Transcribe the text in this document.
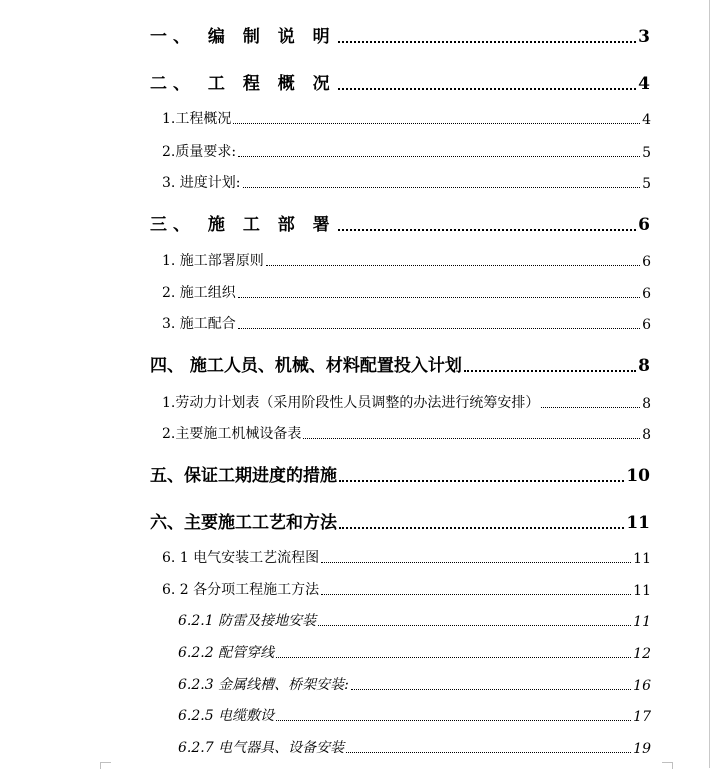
一、 编 制 说 明	3
二、 工 程 概 况	4
1.工程概况	4
2.质量要求:	5
3. 进度计划:	5
三、 施 工 部 署	6
1. 施工部署原则	6
2. 施工组织	6
3. 施工配合	6
四、 施工人员、机械、材料配置投入计划	8
1.劳动力计划表（采用阶段性人员调整的办法进行统筹安排）	8
2.主要施工机械设备表	8
五、保证工期进度的措施	10
六、主要施工工艺和方法	11
6. 1 电气安装工艺流程图	11
6. 2 各分项工程施工方法	11
6.2.1 防雷及接地安装	11
6.2.2 配管穿线	12
6.2.3 金属线槽、桥架安装:	16
6.2.5 电缆敷设	17
6.2.7 电气器具、设备安装	19
